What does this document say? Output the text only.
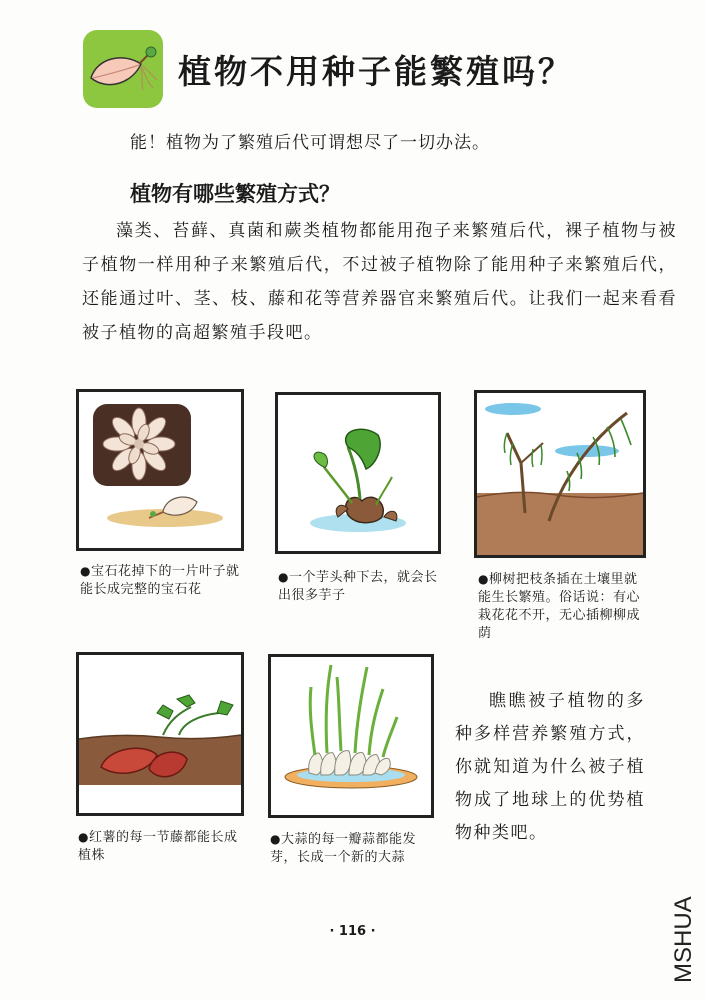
植物不用种子能繁殖吗？
能！植物为了繁殖后代可谓想尽了一切办法。
植物有哪些繁殖方式？

藻类、苔藓、真菌和蕨类植物都能用孢子来繁殖后代，裸子植物与被子植物一样用种子来繁殖后代，不过被子植物除了能用种子来繁殖后代，还能通过叶、茎、枝、藤和花等营养器官来繁殖后代。让我们一起来看看被子植物的高超繁殖手段吧。

●宝石花掉下的一片叶子就能长成完整的宝石花
●一个芋头种下去，就会长出很多芋子
●柳树把枝条插在土壤里就能生长繁殖。俗话说：有心栽花花不开，无心插柳柳成荫
●红薯的每一节藤都能长成植株
●大蒜的每一瓣蒜都能发芽，长成一个新的大蒜

瞧瞧被子植物的多种多样营养繁殖方式，你就知道为什么被子植物成了地球上的优势植物种类吧。

· 116 ·	MSHUA
